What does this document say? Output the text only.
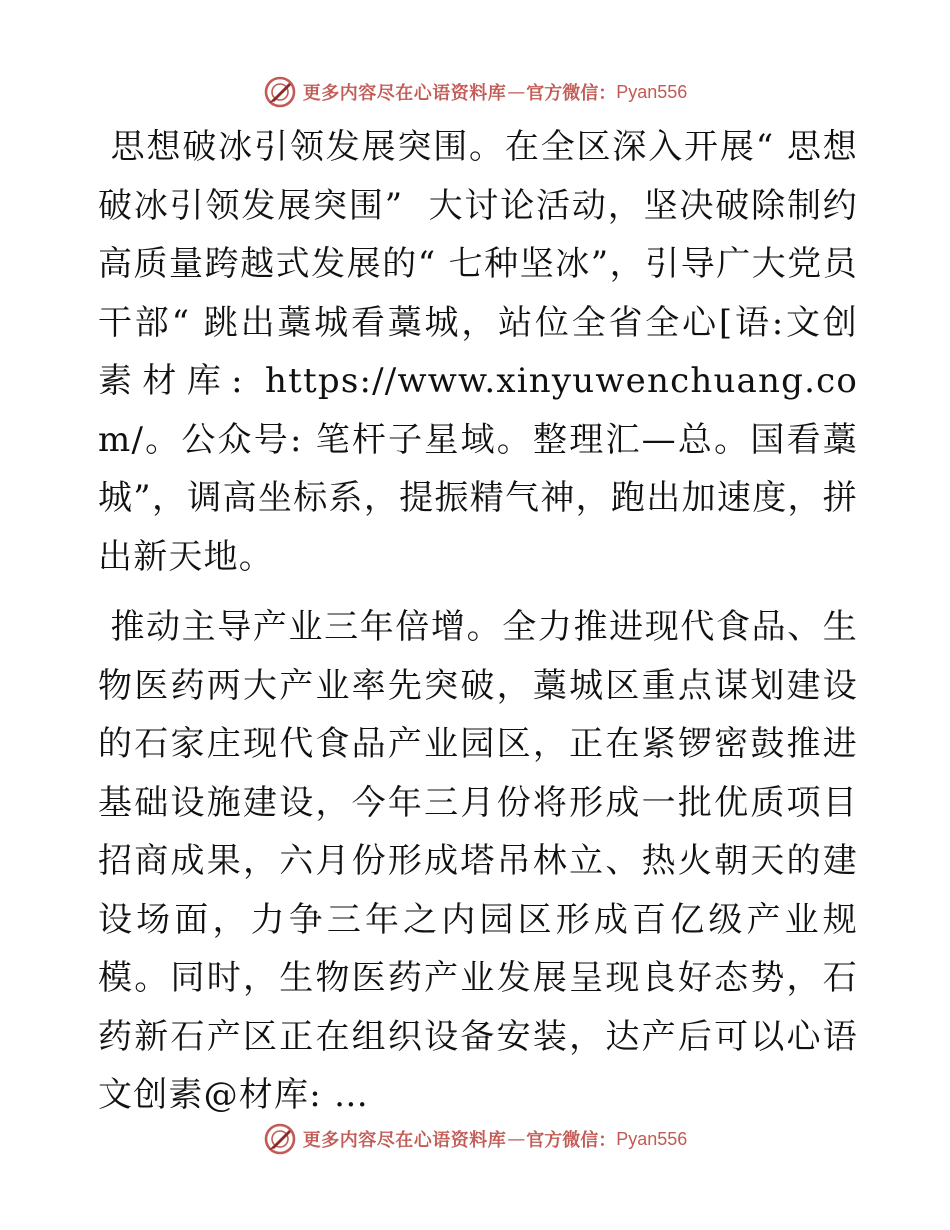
更多内容尽在心语资料库 — 官方微信： Pyan556

思想破冰引领发展突围。在全区深入开展“ 思想破冰引领发展突围”  大讨论活动，坚决破除制约高质量跨越式发展的“ 七种坚冰”，引导广大党员干部“ 跳出藁城看藁城，站位全省全心[语:文创素材库: https://www.xinyuwenchuang.com/。公众号: 笔杆子星域。整理汇—总。国看藁城”，调高坐标系，提振精气神，跑出加速度，拼出新天地。

推动主导产业三年倍增。全力推进现代食品、生物医药两大产业率先突破，藁城区重点谋划建设的石家庄现代食品产业园区，正在紧锣密鼓推进基础设施建设，今年三月份将形成一批优质项目招商成果，六月份形成塔吊林立、热火朝天的建设场面，力争三年之内园区形成百亿级产业规模。同时，生物医药产业发展呈现良好态势，石药新石产区正在组织设备安装，达产后可以心语文创素@材库: …

更多内容尽在心语资料库 — 官方微信： Pyan556
